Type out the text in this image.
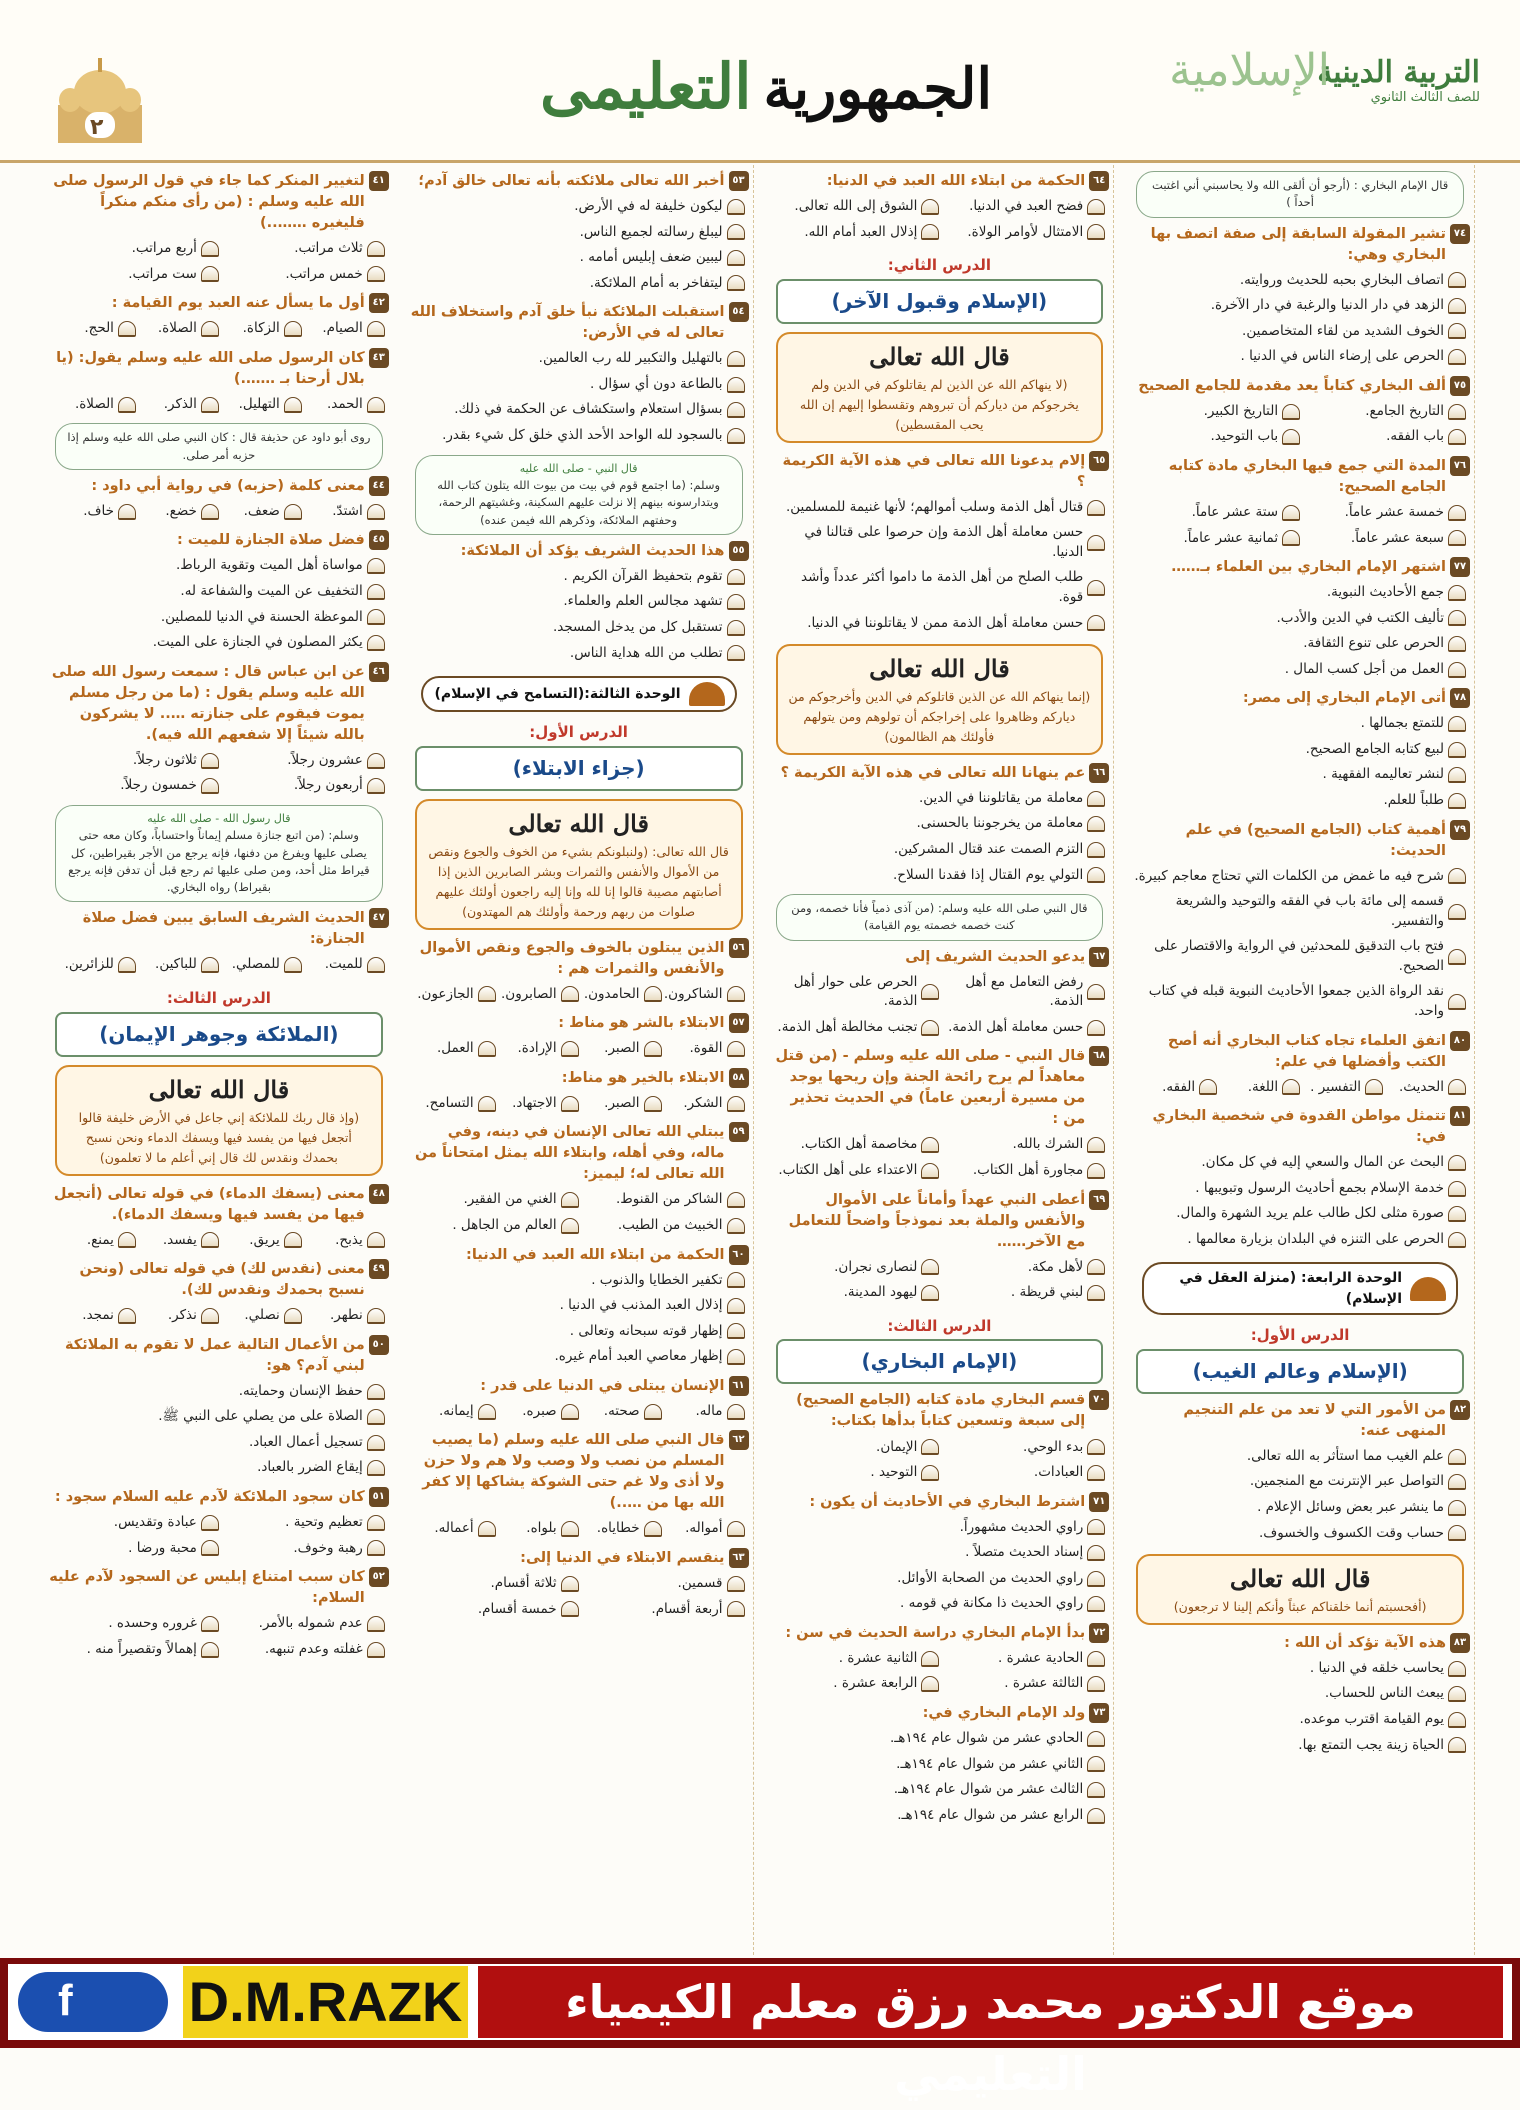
٢
الجمهوريةالتعليمى	الإسلامية
التربية الدينية
للصف الثالث الثانوي
٤١
لتغيير المنكر كما جاء في قول الرسول صلى الله عليه وسلم : (من رأى منكم منكراً فليغيره ……..)
ثلاث مراتب.
أربع مراتب.
خمس مراتب.
ست مراتب.
٤٢
أول ما يسأل عنه العبد يوم القيامة :
الصيام.
الزكاة.
الصلاة.
الحج.
٤٣
كان الرسول صلى الله عليه وسلم يقول: (يا بلال أرحنا بـ …….)
الحمد.
التهليل.
الذكر.
الصلاة.
روى أبو داود عن حذيفة قال : كان النبي صلى الله عليه وسلم إذا حزبه أمر صلى.
٤٤
معنى كلمة (حزبه) في رواية أبي داود :
اشتدّ.
ضعف.
خضع.
خاف.
٤٥
فضل صلاة الجنازة للميت :
مواساة أهل الميت وتقوية الرباط.
التخفيف عن الميت والشفاعة له.
الموعظة الحسنة في الدنيا للمصلين.
يكثر المصلون في الجنازة على الميت.
٤٦
عن ابن عباس قال : سمعت رسول الله صلى الله عليه وسلم يقول : (ما من رجل مسلم يموت فيقوم على جنازته ….. لا يشركون بالله شيئاً إلا شفعهم الله فيه).
عشرون رجلاً.
ثلاثون رجلاً.
أربعون رجلاً.
خمسون رجلاً.
قال رسول الله - صلى الله عليه
وسلم: (من اتبع جنازة مسلم إيماناً واحتساباً، وكان معه حتى يصلى عليها ويفرغ من دفنها، فإنه يرجع من الأجر بقيراطين، كل قيراط مثل أحد، ومن صلى عليها ثم رجع قبل أن تدفن فإنه يرجع بقيراط) رواه البخاري.
٤٧
الحديث الشريف السابق يبين فضل صلاة الجنازة:
للميت.
للمصلي.
للباكين.
للزائرين.
الدرس الثالث:
(الملائكة وجوهر الإيمان)
قال الله تعالى
(وإذ قال ربك للملائكة إني جاعل في الأرض خليفة قالوا أتجعل فيها من يفسد فيها ويسفك الدماء ونحن نسبح بحمدك ونقدس لك قال إني أعلم ما لا تعلمون)
٤٨
معنى (يسفك الدماء) في قوله تعالى (أتجعل فيها من يفسد فيها ويسفك الدماء).
يذبح.
يريق.
يفسد.
يمنع.
٤٩
معنى (نقدس لك) في قوله تعالى (ونحن نسبح بحمدك ونقدس لك).
نطهر.
نصلي.
نذكر.
نمجد.
٥٠
من الأعمال التالية عمل لا تقوم به الملائكة لبني آدم؟ هو:
حفظ الإنسان وحمايته.
الصلاة على من يصلي على النبي ﷺ.
تسجيل أعمال العباد.
إيقاع الضرر بالعباد.
٥١
كان سجود الملائكة لآدم عليه السلام سجود :
تعظيم وتحية .
عبادة وتقديس.
رهبة وخوف.
محبة ورضا .
٥٢
كان سبب امتناع إبليس عن السجود لآدم عليه السلام:
عدم شموله بالأمر.
غروره وحسده .
غفلته وعدم تنبهه.
إهمالاً وتقصيراً منه .
٥٣
أخبر الله تعالى ملائكته بأنه تعالى خالق آدم؛
ليكون خليفة له في الأرض.
ليبلغ رسالته لجميع الناس.
ليبين ضعف إبليس أمامه .
ليتفاخر به أمام الملائكة.
٥٤
استقبلت الملائكة نبأ خلق آدم واستخلاف الله تعالى له في الأرض:
بالتهليل والتكبير لله رب العالمين.
بالطاعة دون أي سؤال .
بسؤال استعلام واستكشاف عن الحكمة في ذلك.
بالسجود لله الواحد الأحد الذي خلق كل شيء بقدر.
قال النبي - صلى الله عليه
وسلم: (ما اجتمع قوم في بيت من بيوت الله يتلون كتاب الله ويتدارسونه بينهم إلا نزلت عليهم السكينة، وغشيتهم الرحمة، وحفتهم الملائكة، وذكرهم الله فيمن عنده)
٥٥
هذا الحديث الشريف يؤكد أن الملائكة:
تقوم بتحفيظ القرآن الكريم .
تشهد مجالس العلم والعلماء.
تستقبل كل من يدخل المسجد.
تطلب من الله هداية الناس.
الوحدة الثالثة:(التسامح في الإسلام)
الدرس الأول:
(جزاء الابتلاء)
قال الله تعالى
قال الله تعالى: (ولنبلونكم بشيء من الخوف والجوع ونقص من الأموال والأنفس والثمرات وبشر الصابرين الذين إذا أصابتهم مصيبة قالوا إنا لله وإنا إليه راجعون أولئك عليهم صلوات من ربهم ورحمة وأولئك هم المهتدون)
٥٦
الذين يبتلون بالخوف والجوع ونقص الأموال والأنفس والثمرات هم :
الشاكرون.
الحامدون.
الصابرون.
الجازعون.
٥٧
الابتلاء بالشر هو مناط :
القوة.
الصبر.
الإرادة.
العمل.
٥٨
الابتلاء بالخير هو مناط:
الشكر.
الصبر.
الاجتهاد.
التسامح.
٥٩
يبتلي الله تعالى الإنسان في دينه، وفي ماله، وفي أهله، وابتلاء الله يمثل امتحاناً من الله تعالى له؛ ليميز:
الشاكر من القنوط.
الغني من الفقير.
الخبيث من الطيب.
العالم من الجاهل .
٦٠
الحكمة من ابتلاء الله العبد في الدنيا:
تكفير الخطايا والذنوب .
إذلال العبد المذنب في الدنيا .
إظهار قوته سبحانه وتعالى .
إظهار معاصي العبد أمام غيره.
٦١
الإنسان يبتلى في الدنيا على قدر :
ماله.
صحته.
صبره.
إيمانه.
٦٢
قال النبي صلى الله عليه وسلم (ما يصيب المسلم من نصب ولا وصب ولا هم ولا حزن ولا أذى ولا غم حتى الشوكة يشاكها إلا كفر الله بها من …..)
أمواله.
خطاياه.
بلواه.
أعماله.
٦٣
ينقسم الابتلاء في الدنيا إلى:
قسمين.
ثلاثة أقسام.
أربعة أقسام.
خمسة أقسام.
٦٤
الحكمة من ابتلاء الله العبد في الدنيا:
فضح العبد في الدنيا.
الشوق إلى الله تعالى.
الامتثال لأوامر الولاة.
إذلال العبد أمام الله.
الدرس الثاني:
(الإسلام وقبول الآخر)
قال الله تعالى
(لا ينهاكم الله عن الذين لم يقاتلوكم في الدين ولم يخرجوكم من دياركم أن تبروهم وتقسطوا إليهم إن الله يحب المقسطين)
٦٥
إلام يدعونا الله تعالى في هذه الآية الكريمة ؟
قتال أهل الذمة وسلب أموالهم؛ لأنها غنيمة للمسلمين.
حسن معاملة أهل الذمة وإن حرصوا على قتالنا في الدنيا.
طلب الصلح من أهل الذمة ما داموا أكثر عدداً وأشد قوة.
حسن معاملة أهل الذمة ممن لا يقاتلوننا في الدنيا.
قال الله تعالى
(إنما ينهاكم الله عن الذين قاتلوكم في الدين وأخرجوكم من دياركم وظاهروا على إخراجكم أن تولوهم ومن يتولهم فأولئك هم الظالمون)
٦٦
عم ينهانا الله تعالى في هذه الآية الكريمة ؟
معاملة من يقاتلوننا في الدين.
معاملة من يخرجوننا بالحسنى.
التزم الصمت عند قتال المشركين.
التولي يوم القتال إذا فقدنا السلاح.
قال النبي صلى الله عليه وسلم: (من آذى ذمياً فأنا خصمه، ومن كنت خصمه خصمته يوم القيامة)
٦٧
يدعو الحديث الشريف إلى
رفض التعامل مع أهل الذمة.
الحرص على حوار أهل الذمة.
حسن معاملة أهل الذمة.
تجنب مخالطة أهل الذمة.
٦٨
قال النبي - صلى الله عليه وسلم - (من قتل معاهداً لم يرح رائحة الجنة وإن ريحها يوجد من مسيرة أربعين عاماً) في الحديث تحذير من :
الشرك بالله.
مخاصمة أهل الكتاب.
مجاورة أهل الكتاب.
الاعتداء على أهل الكتاب.
٦٩
أعطى النبي عهداً وأماناً على الأموال والأنفس والملة بعد نموذجاً واضحاً للتعامل مع الآخر……
لأهل مكة.
لنصارى نجران.
لبني قريظة .
ليهود المدينة.
الدرس الثالث:
(الإمام البخاري)
٧٠
قسم البخاري مادة كتابه (الجامع الصحيح) إلى سبعة وتسعين كتاباً بدأها بكتاب:
بدء الوحي.
الإيمان.
العبادات.
التوحيد .
٧١
اشترط البخاري في الأحاديث أن يكون :
راوي الحديث مشهوراً.
إسناد الحديث متصلاً .
راوي الحديث من الصحابة الأوائل.
راوي الحديث ذا مكانة في قومه .
٧٢
بدأ الإمام البخاري دراسة الحديث في سن :
الحادية عشرة .
الثانية عشرة .
الثالثة عشرة .
الرابعة عشرة .
٧٣
ولد الإمام البخاري في:
الحادي عشر من شوال عام ١٩٤هـ.
الثاني عشر من شوال عام ١٩٤هـ.
الثالث عشر من شوال عام ١٩٤هـ.
الرابع عشر من شوال عام ١٩٤هـ.
قال الإمام البخاري : (أرجو أن ألقى الله ولا يحاسبني أني اغتبت أحداً )
٧٤
تشير المقولة السابقة إلى صفة اتصف بها البخاري وهي:
اتصاف البخاري بحبه للحديث وروايته.
الزهد في دار الدنيا والرغبة في دار الآخرة.
الخوف الشديد من لقاء المتخاصمين.
الحرص على إرضاء الناس في الدنيا .
٧٥
ألف البخاري كتاباً يعد مقدمة للجامع الصحيح
التاريخ الجامع.
التاريخ الكبير.
باب الفقه.
باب التوحيد.
٧٦
المدة التي جمع فيها البخاري مادة كتابه الجامع الصحيح:
خمسة عشر عاماً.
ستة عشر عاماً.
سبعة عشر عاماً.
ثمانية عشر عاماً.
٧٧
اشتهر الإمام البخاري بين العلماء بـ……
جمع الأحاديث النبوية.
تأليف الكتب في الدين والأدب.
الحرص على تنوع الثقافة.
العمل من أجل كسب المال .
٧٨
أتى الإمام البخاري إلى مصر:
للتمتع بجمالها .
لبيع كتابه الجامع الصحيح.
لنشر تعاليمه الفقهية .
طلباً للعلم.
٧٩
أهمية كتاب (الجامع الصحيح) في علم الحديث:
شرح فيه ما غمض من الكلمات التي تحتاج معاجم كبيرة.
قسمه إلى مائة باب في الفقه والتوحيد والشريعة والتفسير.
فتح باب التدقيق للمحدثين في الرواية والاقتصار على الصحيح.
نقد الرواة الذين جمعوا الأحاديث النبوية قبله في كتاب واحد.
٨٠
اتفق العلماء تجاه كتاب البخاري أنه أصح الكتب وأفضلها في علم:
الحديث.
التفسير .
اللغة.
الفقه.
٨١
تتمثل مواطن القدوة في شخصية البخاري في:
البحث عن المال والسعي إليه في كل مكان.
خدمة الإسلام بجمع أحاديث الرسول وتبويبها .
صورة مثلى لكل طالب علم يريد الشهرة والمال.
الحرص على التنزه في البلدان بزيارة معالمها .
الوحدة الرابعة: (منزلة العقل في الإسلام)
الدرس الأول:
(الإسلام وعالم الغيب)
٨٢
من الأمور التي لا تعد من علم التنجيم المنهى عنه:
علم الغيب مما استأثر به الله تعالى.
التواصل عبر الإنترنت مع المنجمين.
ما ينشر عبر بعض وسائل الإعلام .
حساب وقت الكسوف والخسوف.
قال الله تعالى
(أفحسبتم أنما خلقناكم عبثاً وأنكم إلينا لا ترجعون)
٨٣
هذه الآية تؤكد أن الله :
يحاسب خلقه في الدنيا .
يبعث الناس للحساب.
يوم القيامة اقترب موعده.
الحياة زينة يجب التمتع بها.
f D.M.RAZK	موقع الدكتور محمد رزق معلم الكيمياء التعليمي
